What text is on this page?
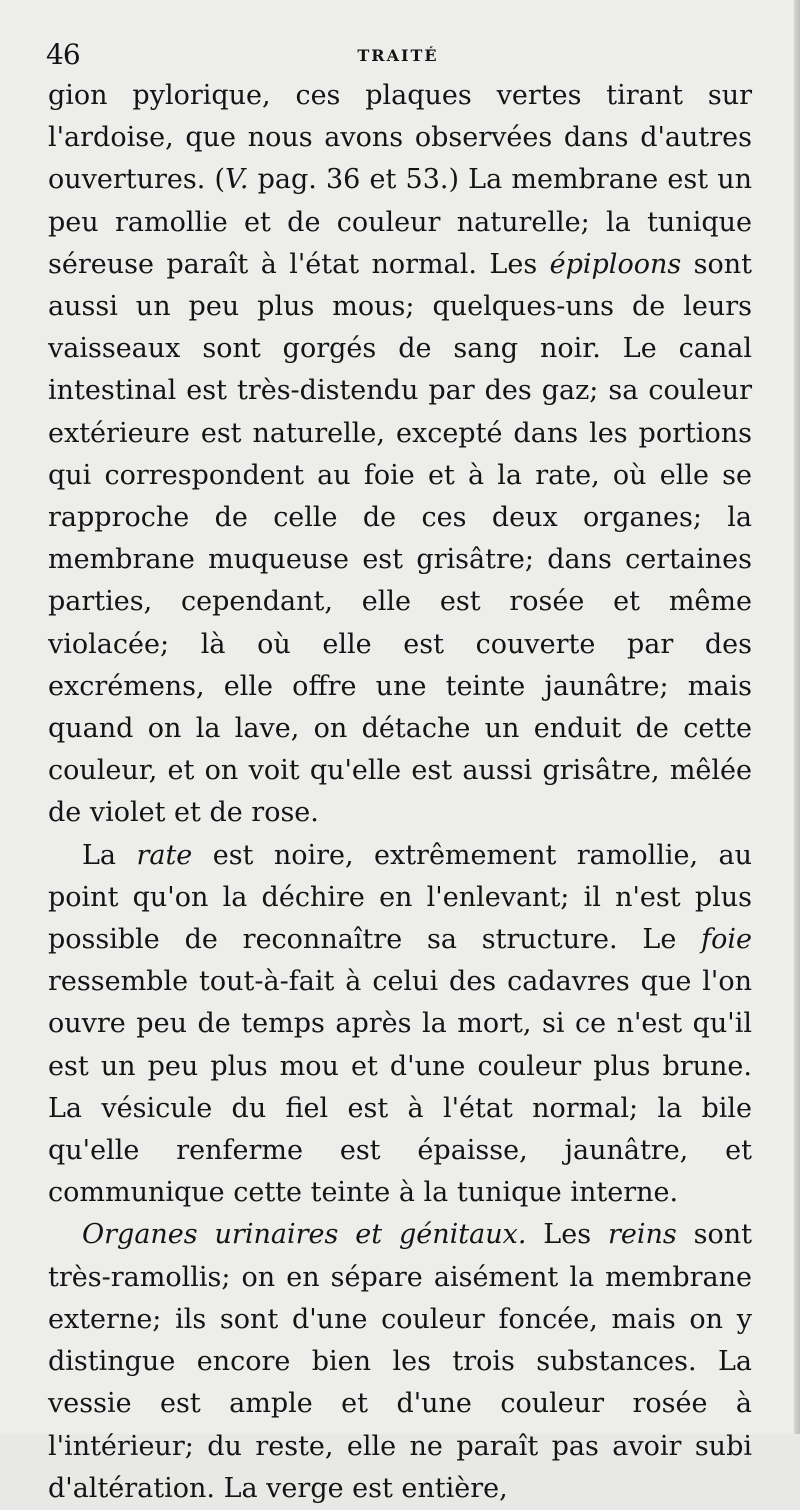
46	TRAITÉ

gion pylorique, ces plaques vertes tirant sur l'ardoise, que nous avons observées dans d'autres ouvertures. (V. pag. 36 et 53.) La membrane est un peu ramollie et de couleur naturelle; la tunique séreuse paraît à l'état normal. Les épiploons sont aussi un peu plus mous; quelques-uns de leurs vaisseaux sont gorgés de sang noir. Le canal intestinal est très-distendu par des gaz; sa couleur extérieure est naturelle, excepté dans les portions qui correspondent au foie et à la rate, où elle se rapproche de celle de ces deux organes; la membrane muqueuse est grisâtre; dans certaines parties, cependant, elle est rosée et même violacée; là où elle est couverte par des excrémens, elle offre une teinte jaunâtre; mais quand on la lave, on détache un enduit de cette couleur, et on voit qu'elle est aussi grisâtre, mêlée de violet et de rose.

La rate est noire, extrêmement ramollie, au point qu'on la déchire en l'enlevant; il n'est plus possible de reconnaître sa structure. Le foie ressemble tout-à-fait à celui des cadavres que l'on ouvre peu de temps après la mort, si ce n'est qu'il est un peu plus mou et d'une couleur plus brune. La vésicule du fiel est à l'état normal; la bile qu'elle renferme est épaisse, jaunâtre, et communique cette teinte à la tunique interne.

Organes urinaires et génitaux. Les reins sont très-ramollis; on en sépare aisément la membrane externe; ils sont d'une couleur foncée, mais on y distingue encore bien les trois substances. La vessie est ample et d'une couleur rosée à l'intérieur; du reste, elle ne paraît pas avoir subi d'altération. La verge est entière,
